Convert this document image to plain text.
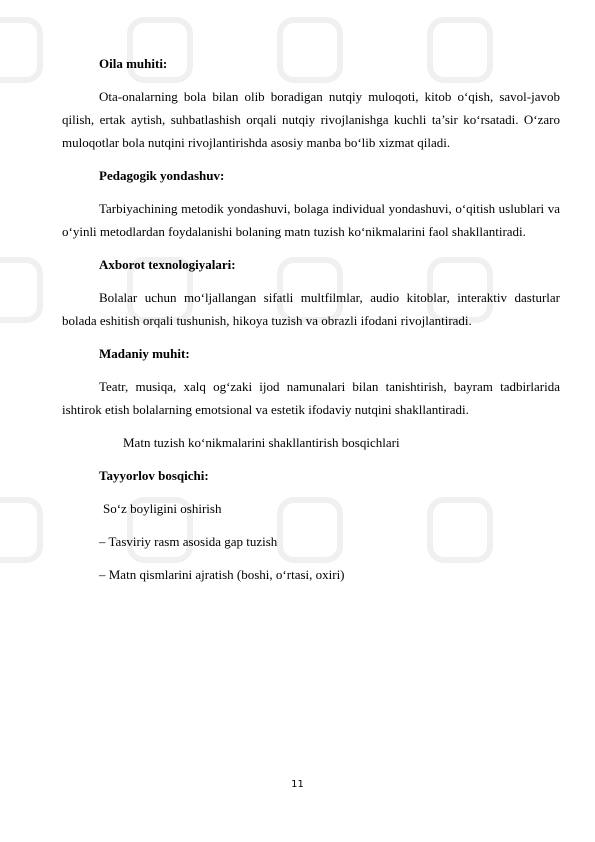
Oila muhiti:

Ota-onalarning bola bilan olib boradigan nutqiy muloqoti, kitob o‘qish, savol-javob qilish, ertak aytish, suhbatlashish orqali nutqiy rivojlanishga kuchli ta’sir ko‘rsatadi. O‘zaro muloqotlar bola nutqini rivojlantirishda asosiy manba bo‘lib xizmat qiladi.

Pedagogik yondashuv:

Tarbiyachining metodik yondashuvi, bolaga individual yondashuvi, o‘qitish uslublari va o‘yinli metodlardan foydalanishi bolaning matn tuzish ko‘nikmalarini faol shakllantiradi.

Axborot texnologiyalari:

Bolalar uchun mo‘ljallangan sifatli multfilmlar, audio kitoblar, interaktiv dasturlar bolada eshitish orqali tushunish, hikoya tuzish va obrazli ifodani rivojlantiradi.

Madaniy muhit:

Teatr, musiqa, xalq og‘zaki ijod namunalari bilan tanishtirish, bayram tadbirlarida ishtirok etish bolalarning emotsional va estetik ifodaviy nutqini shakllantiradi.

Matn tuzish ko‘nikmalarini shakllantirish bosqichlari

Tayyorlov bosqichi:

So‘z boyligini oshirish

– Tasviriy rasm asosida gap tuzish

– Matn qismlarini ajratish (boshi, o‘rtasi, oxiri)

11
